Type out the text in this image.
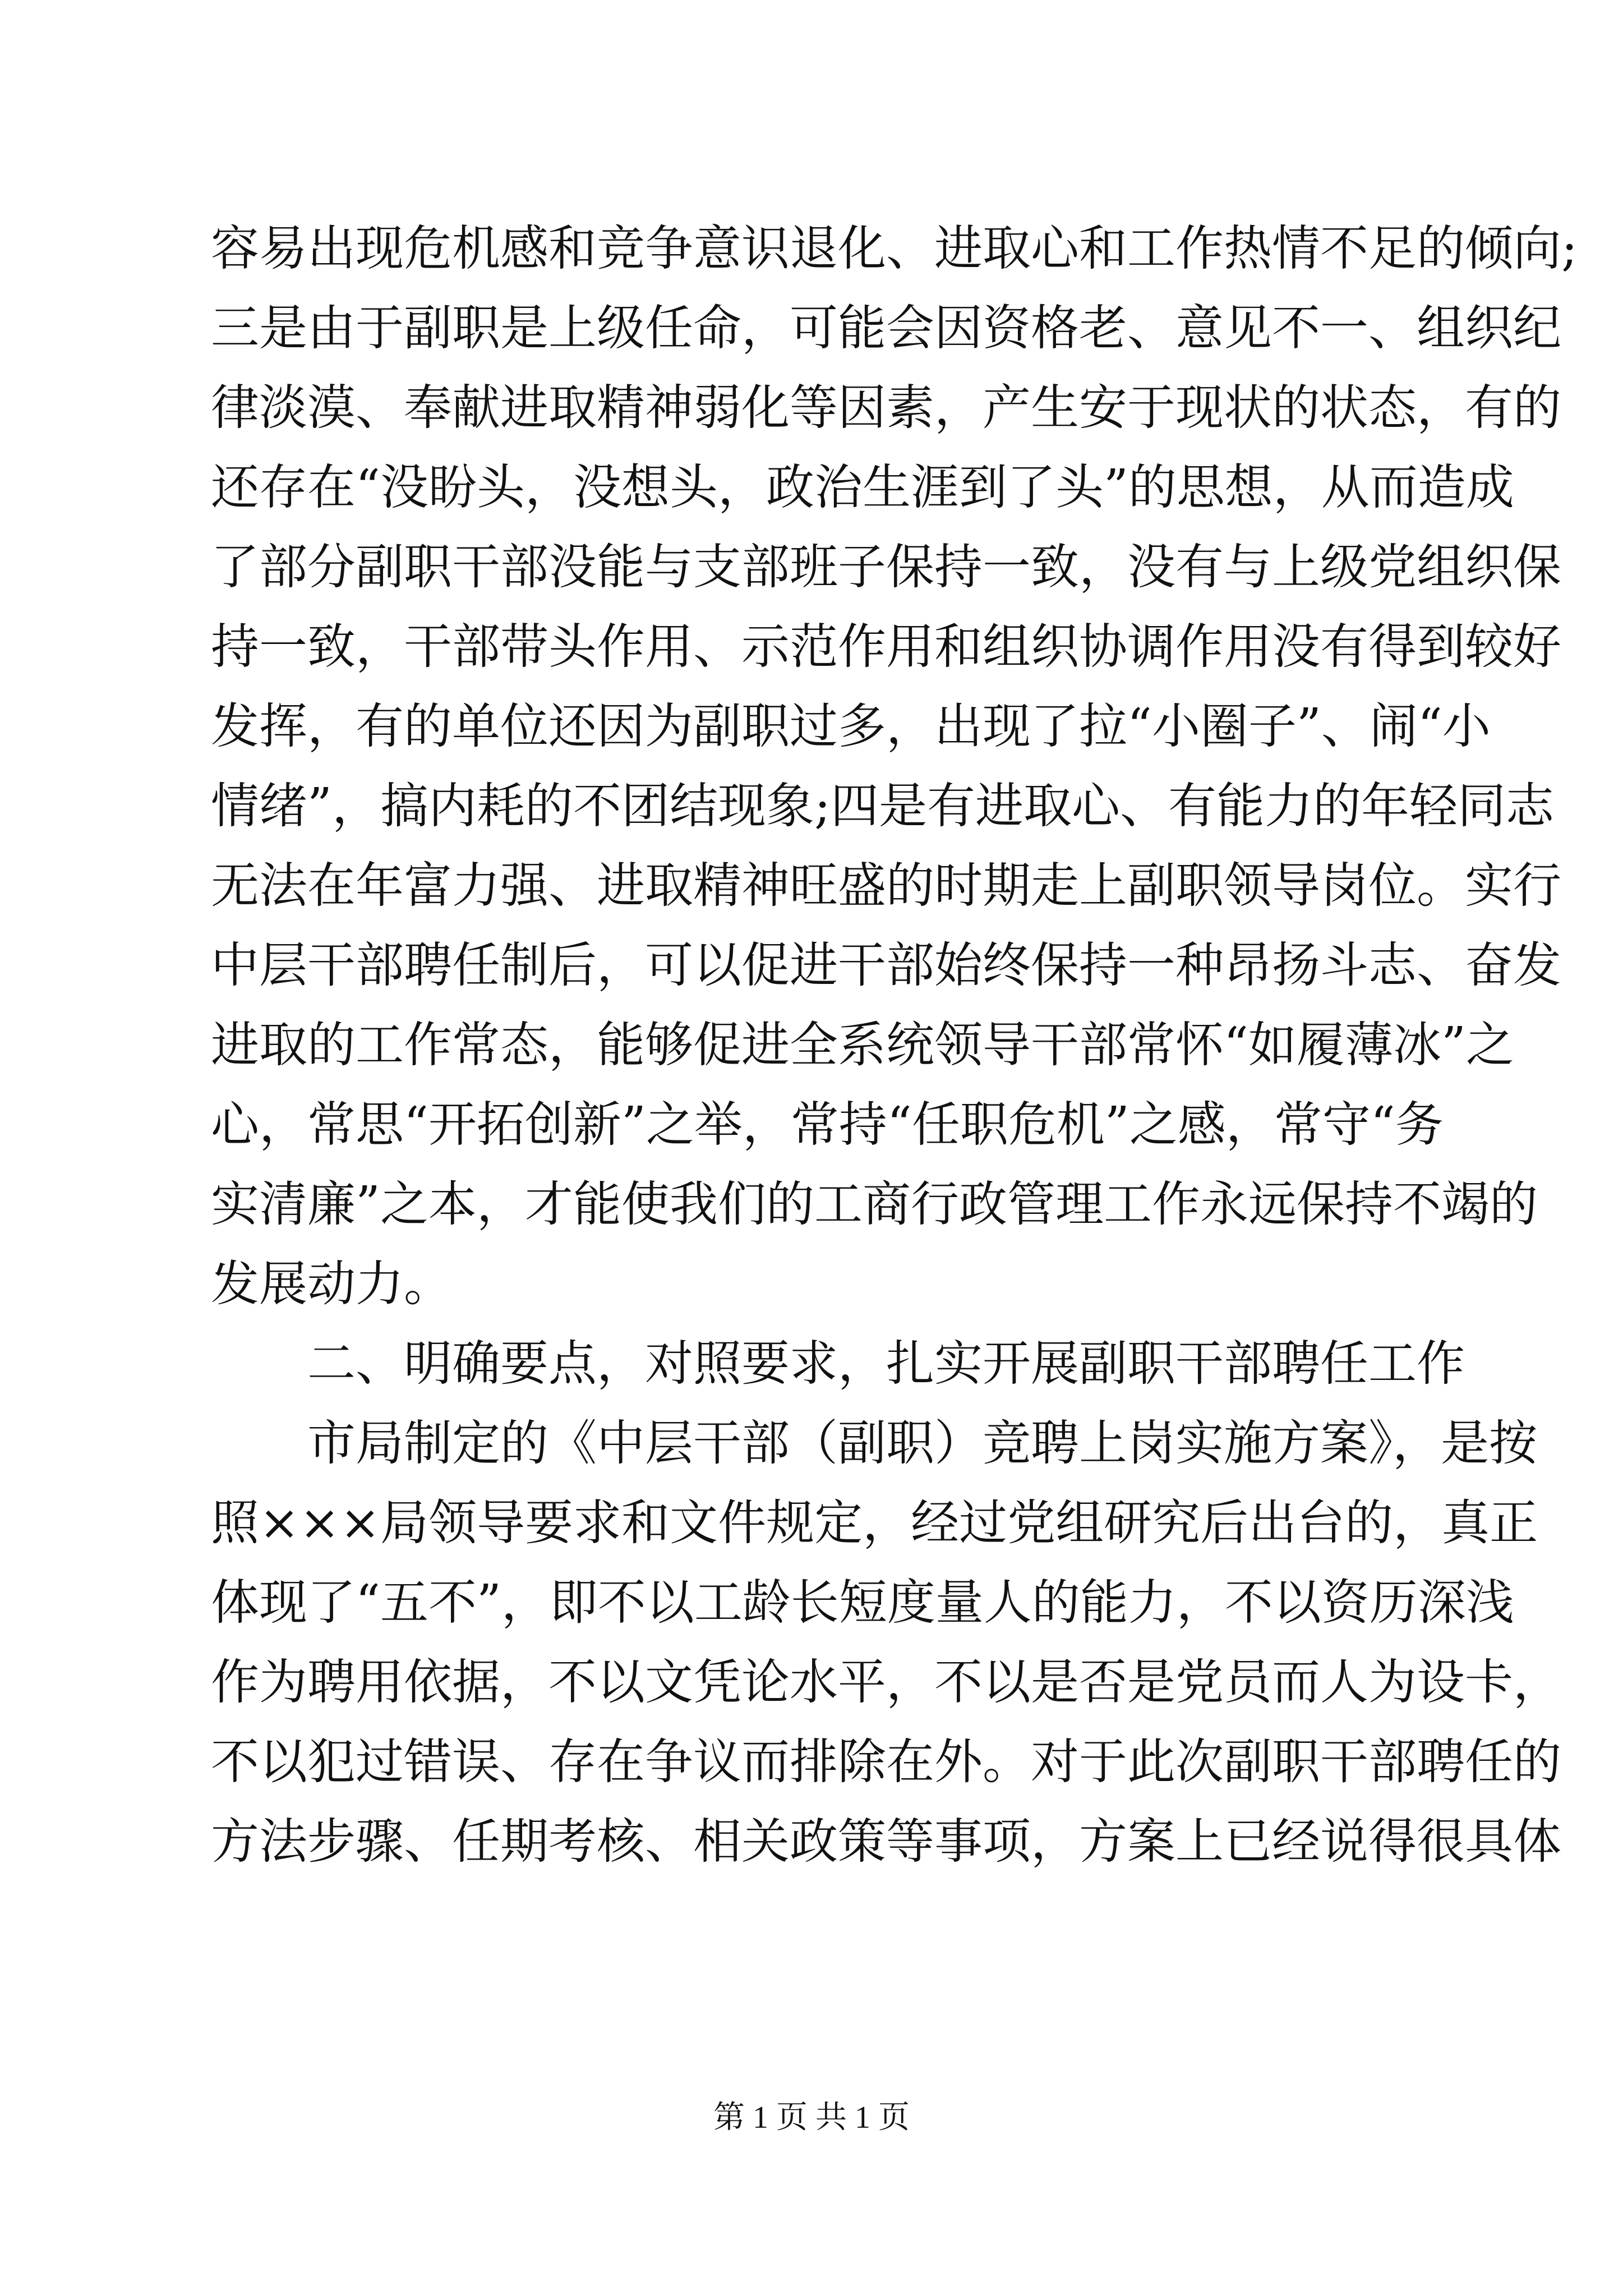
容易出现危机感和竞争意识退化、进取心和工作热情不足的倾向;
三是由于副职是上级任命，可能会因资格老、意见不一、组织纪
律淡漠、奉献进取精神弱化等因素，产生安于现状的状态，有的
还存在“没盼头，没想头，政治生涯到了头”的思想，从而造成
了部分副职干部没能与支部班子保持一致，没有与上级党组织保
持一致，干部带头作用、示范作用和组织协调作用没有得到较好
发挥，有的单位还因为副职过多，出现了拉“小圈子”、闹“小
情绪”，搞内耗的不团结现象;四是有进取心、有能力的年轻同志
无法在年富力强、进取精神旺盛的时期走上副职领导岗位。实行
中层干部聘任制后，可以促进干部始终保持一种昂扬斗志、奋发
进取的工作常态，能够促进全系统领导干部常怀“如履薄冰”之
心，常思“开拓创新”之举，常持“任职危机”之感，常守“务
实清廉”之本，才能使我们的工商行政管理工作永远保持不竭的
发展动力。
二、明确要点，对照要求，扎实开展副职干部聘任工作
市局制定的《中层干部（副职）竞聘上岗实施方案》，是按
照×××局领导要求和文件规定，经过党组研究后出台的，真正
体现了“五不”，即不以工龄长短度量人的能力，不以资历深浅
作为聘用依据，不以文凭论水平，不以是否是党员而人为设卡，
不以犯过错误、存在争议而排除在外。对于此次副职干部聘任的
方法步骤、任期考核、相关政策等事项，方案上已经说得很具体
第 1 页 共 1 页
